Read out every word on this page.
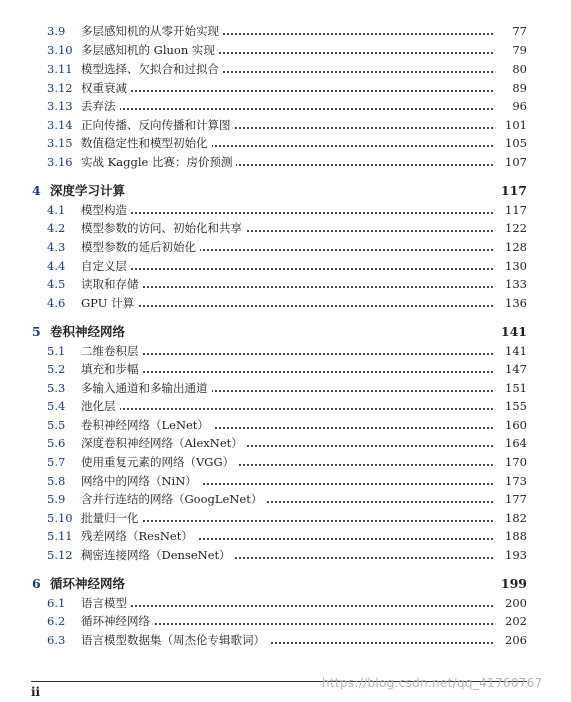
3.9 多层感知机的从零开始实现	77
3.10 多层感知机的 Gluon 实现	79
3.11 模型选择、欠拟合和过拟合	80
3.12 权重衰减	89
3.13 丢弃法	96
3.14 正向传播、反向传播和计算图	101
3.15 数值稳定性和模型初始化	105
3.16 实战 Kaggle 比赛：房价预测	107
4 深度学习计算	117
4.1 模型构造	117
4.2 模型参数的访问、初始化和共享	122
4.3 模型参数的延后初始化	128
4.4 自定义层	130
4.5 读取和存储	133
4.6 GPU 计算	136
5 卷积神经网络	141
5.1 二维卷积层	141
5.2 填充和步幅	147
5.3 多输入通道和多输出通道	151
5.4 池化层	155
5.5 卷积神经网络（LeNet）	160
5.6 深度卷积神经网络（AlexNet）	164
5.7 使用重复元素的网络（VGG）	170
5.8 网络中的网络（NiN）	173
5.9 含并行连结的网络（GoogLeNet）	177
5.10 批量归一化	182
5.11 残差网络（ResNet）	188
5.12 稠密连接网络（DenseNet）	193
6 循环神经网络	199
6.1 语言模型	200
6.2 循环神经网络	202
6.3 语言模型数据集（周杰伦专辑歌词）	206
ii
https://blog.csdn.net/qq_41760767
